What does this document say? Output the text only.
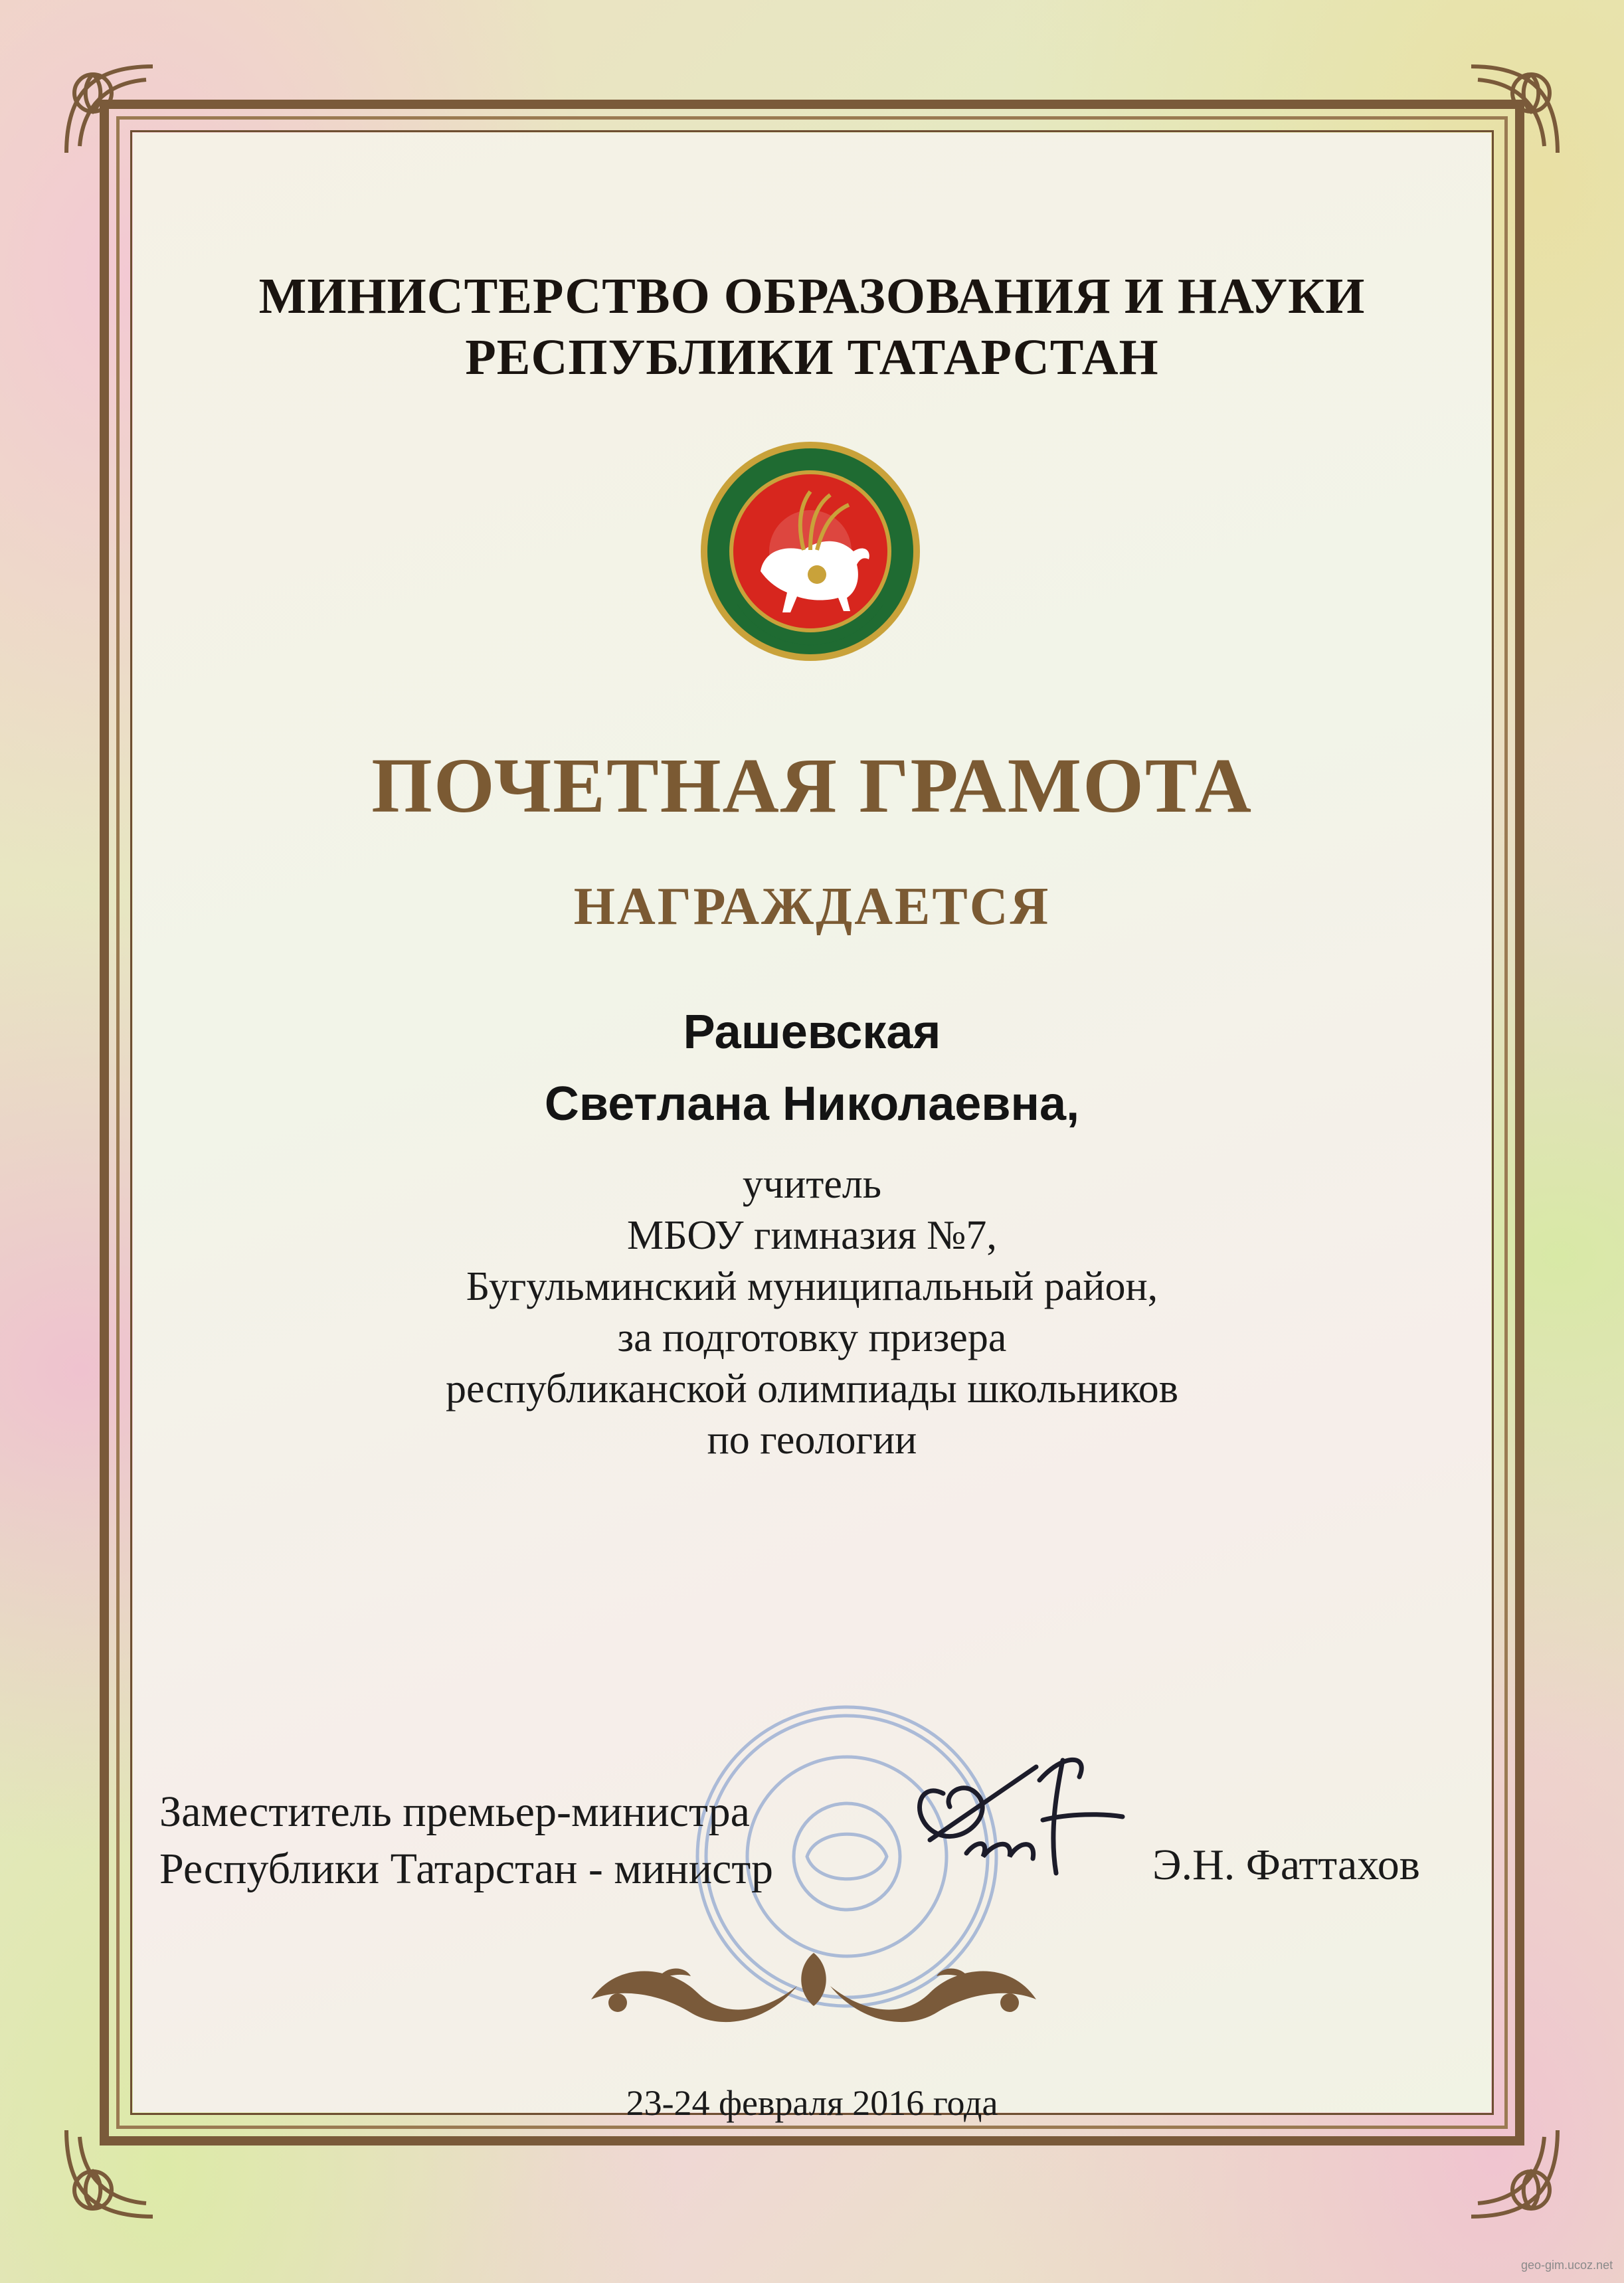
МИНИСТЕРСТВО ОБРАЗОВАНИЯ И НАУКИ
РЕСПУБЛИКИ ТАТАРСТАН
ПОЧЕТНАЯ ГРАМОТА
НАГРАЖДАЕТСЯ
Рашевская
Светлана Николаевна,
учитель
МБОУ гимназия №7,
Бугульминский муниципальный район,
за подготовку призера
республиканской олимпиады школьников
по геологии
Заместитель премьер-министра
Республики Татарстан - министр	Э.Н. Фаттахов
23-24 февраля 2016 года
geo-gim.ucoz.net
